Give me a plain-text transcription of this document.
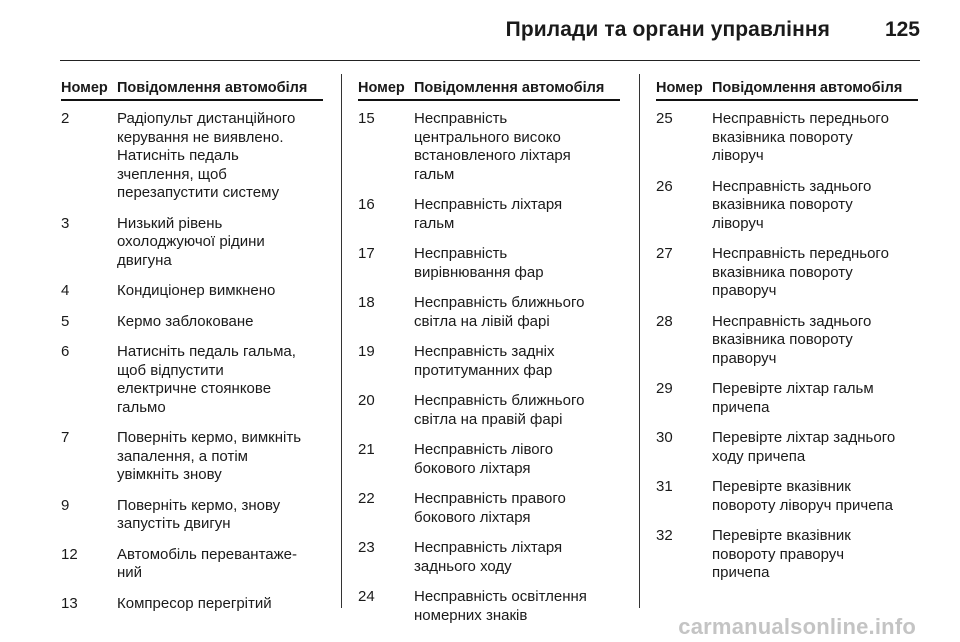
Прилади та органи управління	125
Номер Повідомлення автомобіля
2	Радіопульт дистанційного
керування не виявлено.
Натисніть педаль
зчеплення, щоб
перезапустити систему
3	Низький рівень
охолоджуючої рідини
двигуна
4	Кондиціонер вимкнено
5	Кермо заблоковане
6	Натисніть педаль гальма,
щоб відпустити
електричне стоянкове
гальмо
7	Поверніть кермо, вимкніть
запалення, а потім
увімкніть знову
9	Поверніть кермо, знову
запустіть двигун
12	Автомобіль перевантаже‐
ний
13	Компресор перегрітий
Номер Повідомлення автомобіля
15	Несправність
центрального високо
встановленого ліхтаря
гальм
16	Несправність ліхтаря
гальм
17	Несправність
вирівнювання фар
18	Несправність ближнього
світла на лівій фарі
19	Несправність задніх
протитуманних фар
20	Несправність ближнього
світла на правій фарі
21	Несправність лівого
бокового ліхтаря
22	Несправність правого
бокового ліхтаря
23	Несправність ліхтаря
заднього ходу
24	Несправність освітлення
номерних знаків
Номер Повідомлення автомобіля
25	Несправність переднього
вказівника повороту
ліворуч
26	Несправність заднього
вказівника повороту
ліворуч
27	Несправність переднього
вказівника повороту
праворуч
28	Несправність заднього
вказівника повороту
праворуч
29	Перевірте ліхтар гальм
причепа
30	Перевірте ліхтар заднього
ходу причепа
31	Перевірте вказівник
повороту ліворуч причепа
32	Перевірте вказівник
повороту праворуч
причепа
carmanualsonline.info
